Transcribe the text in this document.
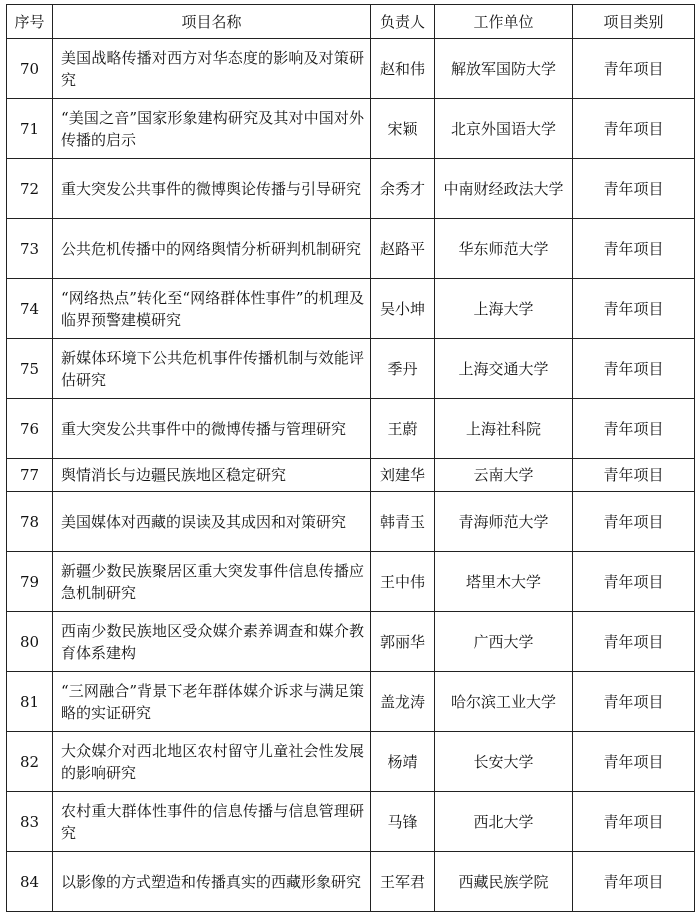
序号	项目名称	负责人	工作单位	项目类别
70	美国战略传播对西方对华态度的影响及对策研究	赵和伟	解放军国防大学	青年项目
71	“美国之音”国家形象建构研究及其对中国对外传播的启示	宋颖	北京外国语大学	青年项目
72	重大突发公共事件的微博舆论传播与引导研究	余秀才	中南财经政法大学	青年项目
73	公共危机传播中的网络舆情分析研判机制研究	赵路平	华东师范大学	青年项目
74	“网络热点”转化至“网络群体性事件”的机理及临界预警建模研究	吴小坤	上海大学	青年项目
75	新媒体环境下公共危机事件传播机制与效能评估研究	季丹	上海交通大学	青年项目
76	重大突发公共事件中的微博传播与管理研究	王蔚	上海社科院	青年项目
77	舆情消长与边疆民族地区稳定研究	刘建华	云南大学	青年项目
78	美国媒体对西藏的误读及其成因和对策研究	韩青玉	青海师范大学	青年项目
79	新疆少数民族聚居区重大突发事件信息传播应急机制研究	王中伟	塔里木大学	青年项目
80	西南少数民族地区受众媒介素养调查和媒介教育体系建构	郭丽华	广西大学	青年项目
81	“三网融合”背景下老年群体媒介诉求与满足策略的实证研究	盖龙涛	哈尔滨工业大学	青年项目
82	大众媒介对西北地区农村留守儿童社会性发展的影响研究	杨靖	长安大学	青年项目
83	农村重大群体性事件的信息传播与信息管理研究	马锋	西北大学	青年项目
84	以影像的方式塑造和传播真实的西藏形象研究	王军君	西藏民族学院	青年项目
